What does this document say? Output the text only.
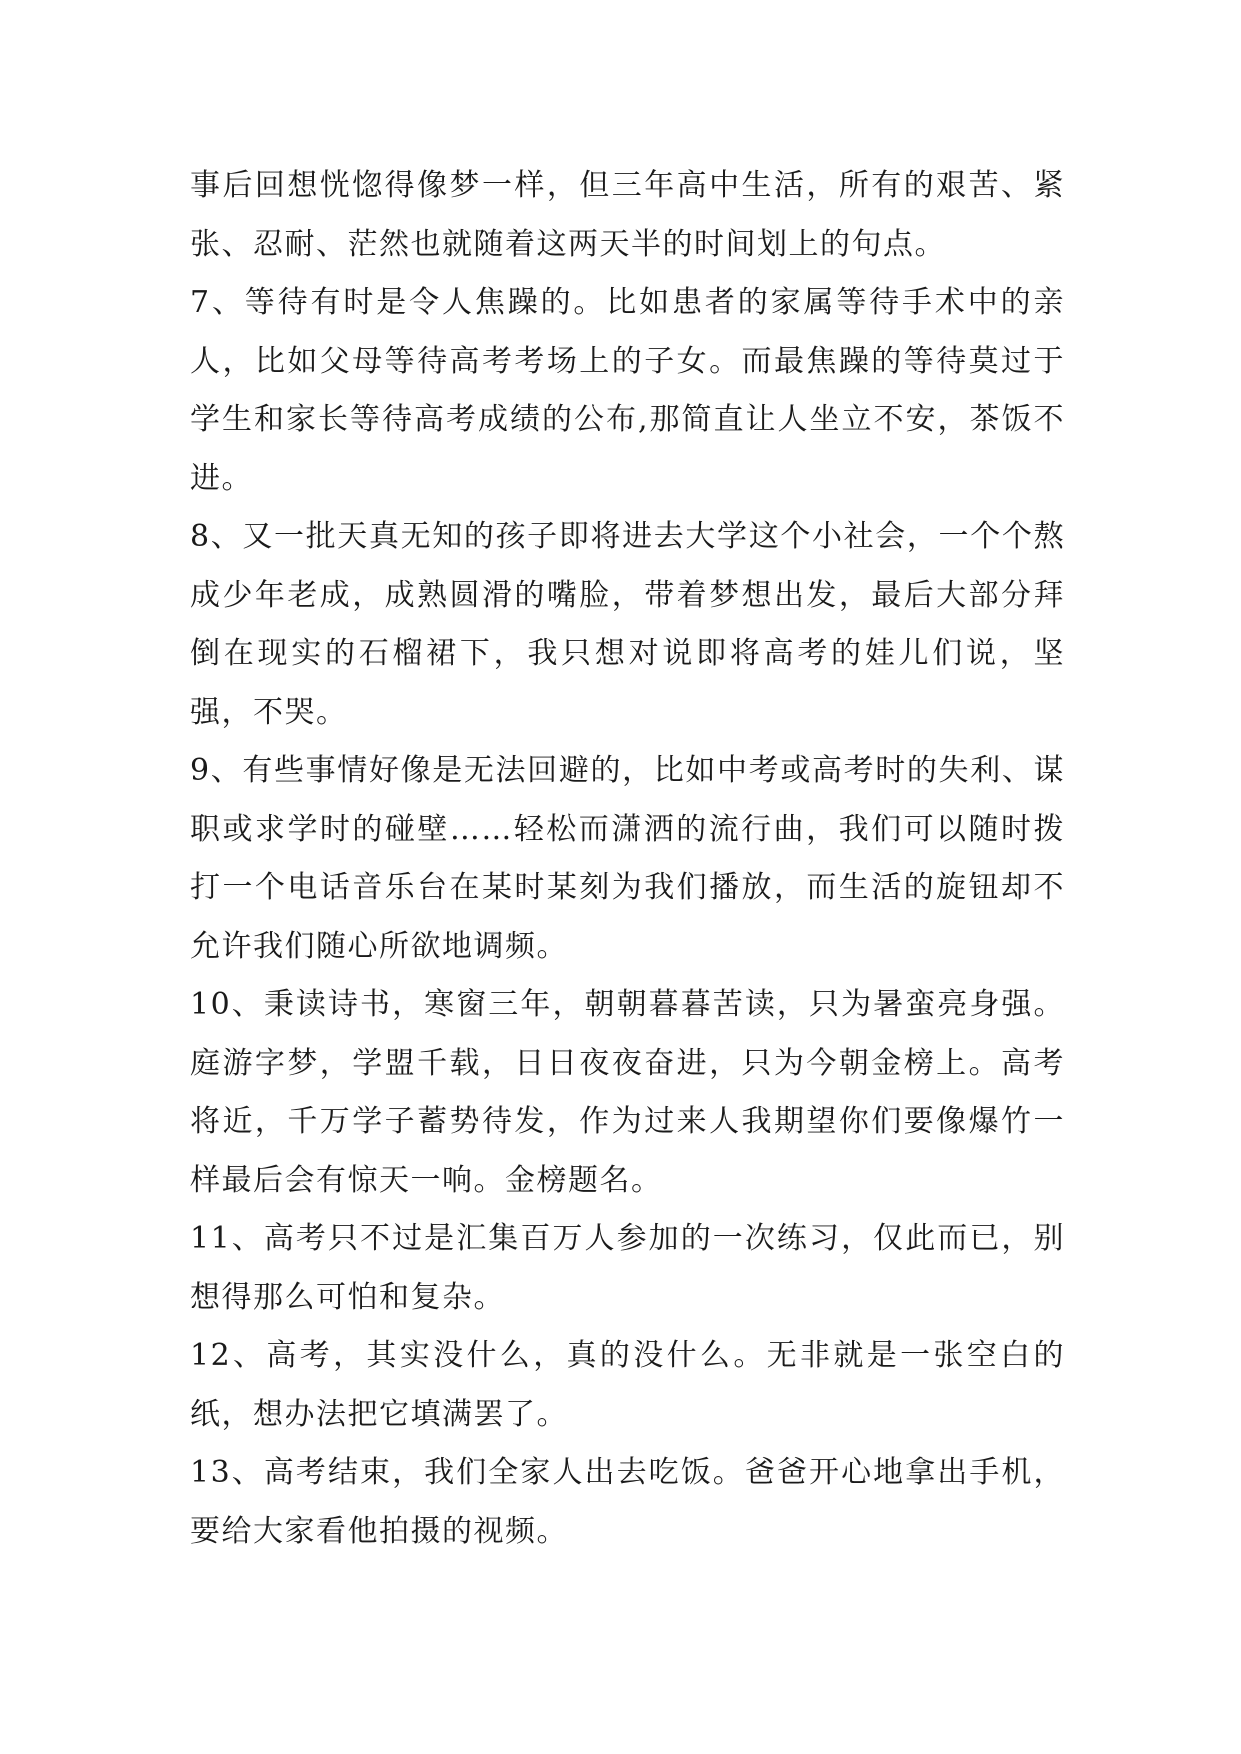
事后回想恍惚得像梦一样，但三年高中生活，所有的艰苦、紧张、忍耐、茫然也就随着这两天半的时间划上的句点。

7、等待有时是令人焦躁的。比如患者的家属等待手术中的亲人，比如父母等待高考考场上的子女。而最焦躁的等待莫过于学生和家长等待高考成绩的公布,那简直让人坐立不安，茶饭不进。

8、又一批天真无知的孩子即将进去大学这个小社会，一个个熬成少年老成，成熟圆滑的嘴脸，带着梦想出发，最后大部分拜倒在现实的石榴裙下，我只想对说即将高考的娃儿们说，坚强，不哭。

9、有些事情好像是无法回避的，比如中考或高考时的失利、谋职或求学时的碰壁……轻松而潇洒的流行曲，我们可以随时拨打一个电话音乐台在某时某刻为我们播放，而生活的旋钮却不允许我们随心所欲地调频。

10、秉读诗书，寒窗三年，朝朝暮暮苦读，只为暑蛮亮身强。庭游字梦，学盟千载，日日夜夜奋进，只为今朝金榜上。高考将近，千万学子蓄势待发，作为过来人我期望你们要像爆竹一样最后会有惊天一响。金榜题名。

11、高考只不过是汇集百万人参加的一次练习，仅此而已，别想得那么可怕和复杂。

12、高考，其实没什么，真的没什么。无非就是一张空白的纸，想办法把它填满罢了。

13、高考结束，我们全家人出去吃饭。爸爸开心地拿出手机，要给大家看他拍摄的视频。
